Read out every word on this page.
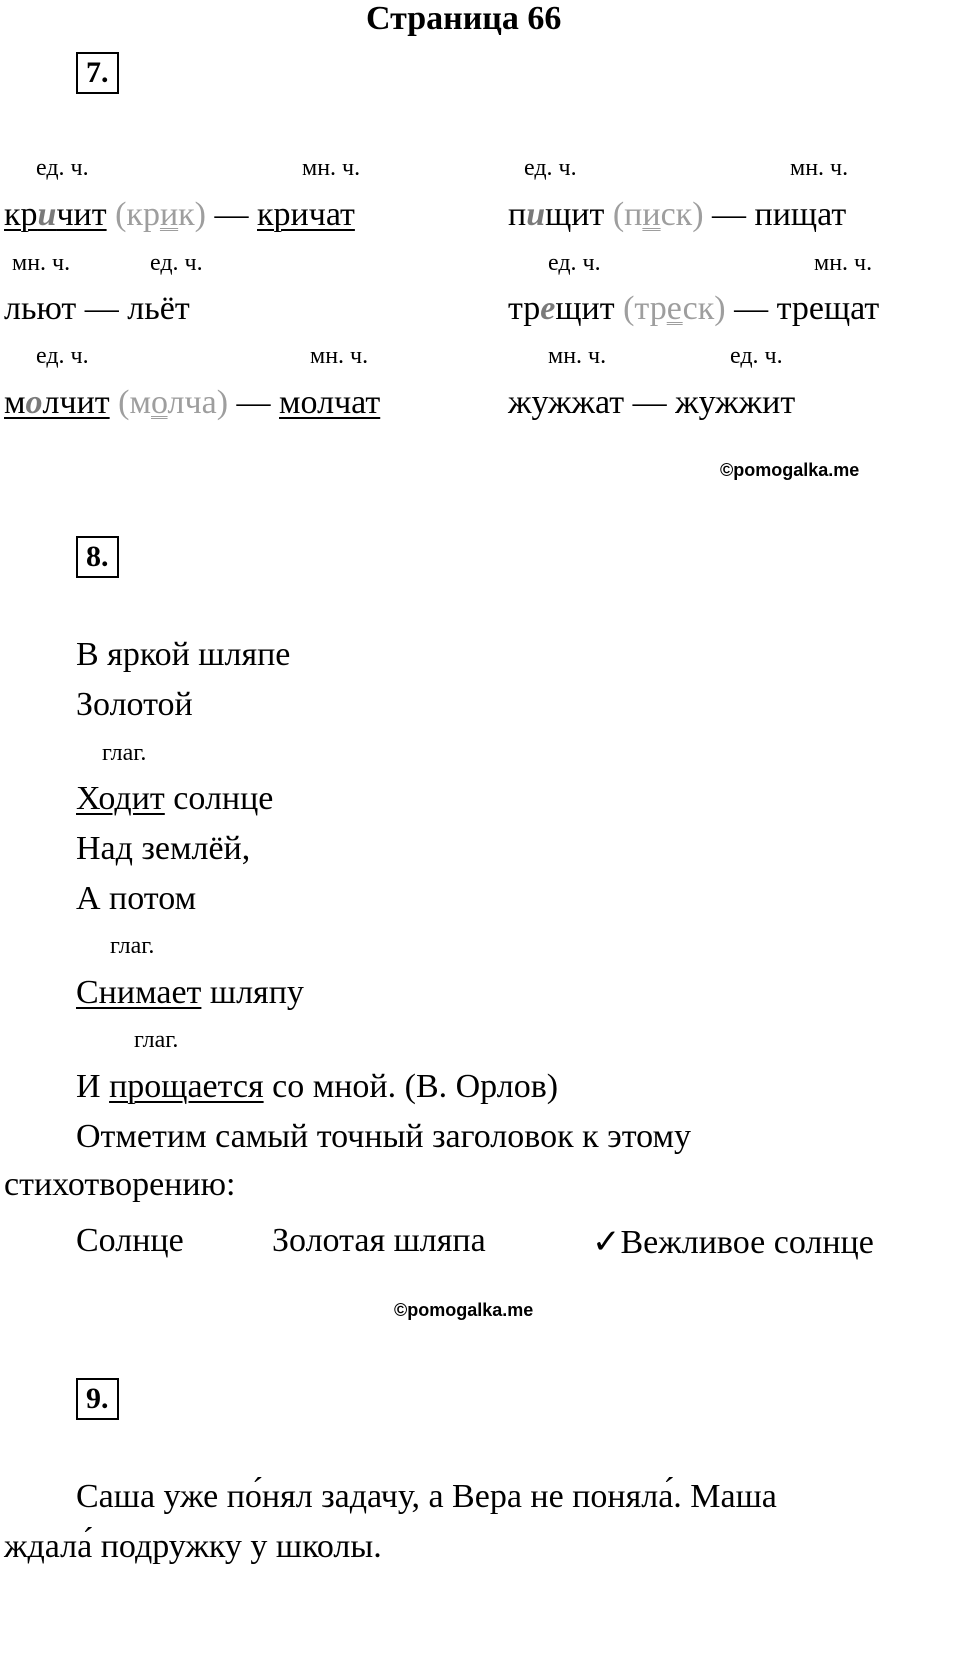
Страница 66
7.
ед. ч.	мн. ч.	ед. ч.	мн. ч.
кричит (крик) — кричат	пищит (писк) — пищат
мн. ч.	ед. ч.	ед. ч.	мн. ч.
льют — льёт	трещит (треск) — трещат
ед. ч.	мн. ч.	мн. ч.	ед. ч.
молчит (молча) — молчат	жужжат — жужжит
©pomogalka.me
8.
В яркой шляпе
Золотой
глаг.
Ходит солнце
Над землёй,
А потом
глаг.
Снимает шляпу
глаг.
И прощается со мной. (В. Орлов)
Отметим самый точный заголовок к этому
стихотворению:
Солнце	Золотая шляпа	✓Вежливое солнце
©pomogalka.me
9.
Саша уже по́нял задачу, а Вера не поняла́. Маша
ждала́ подружку у школы.
